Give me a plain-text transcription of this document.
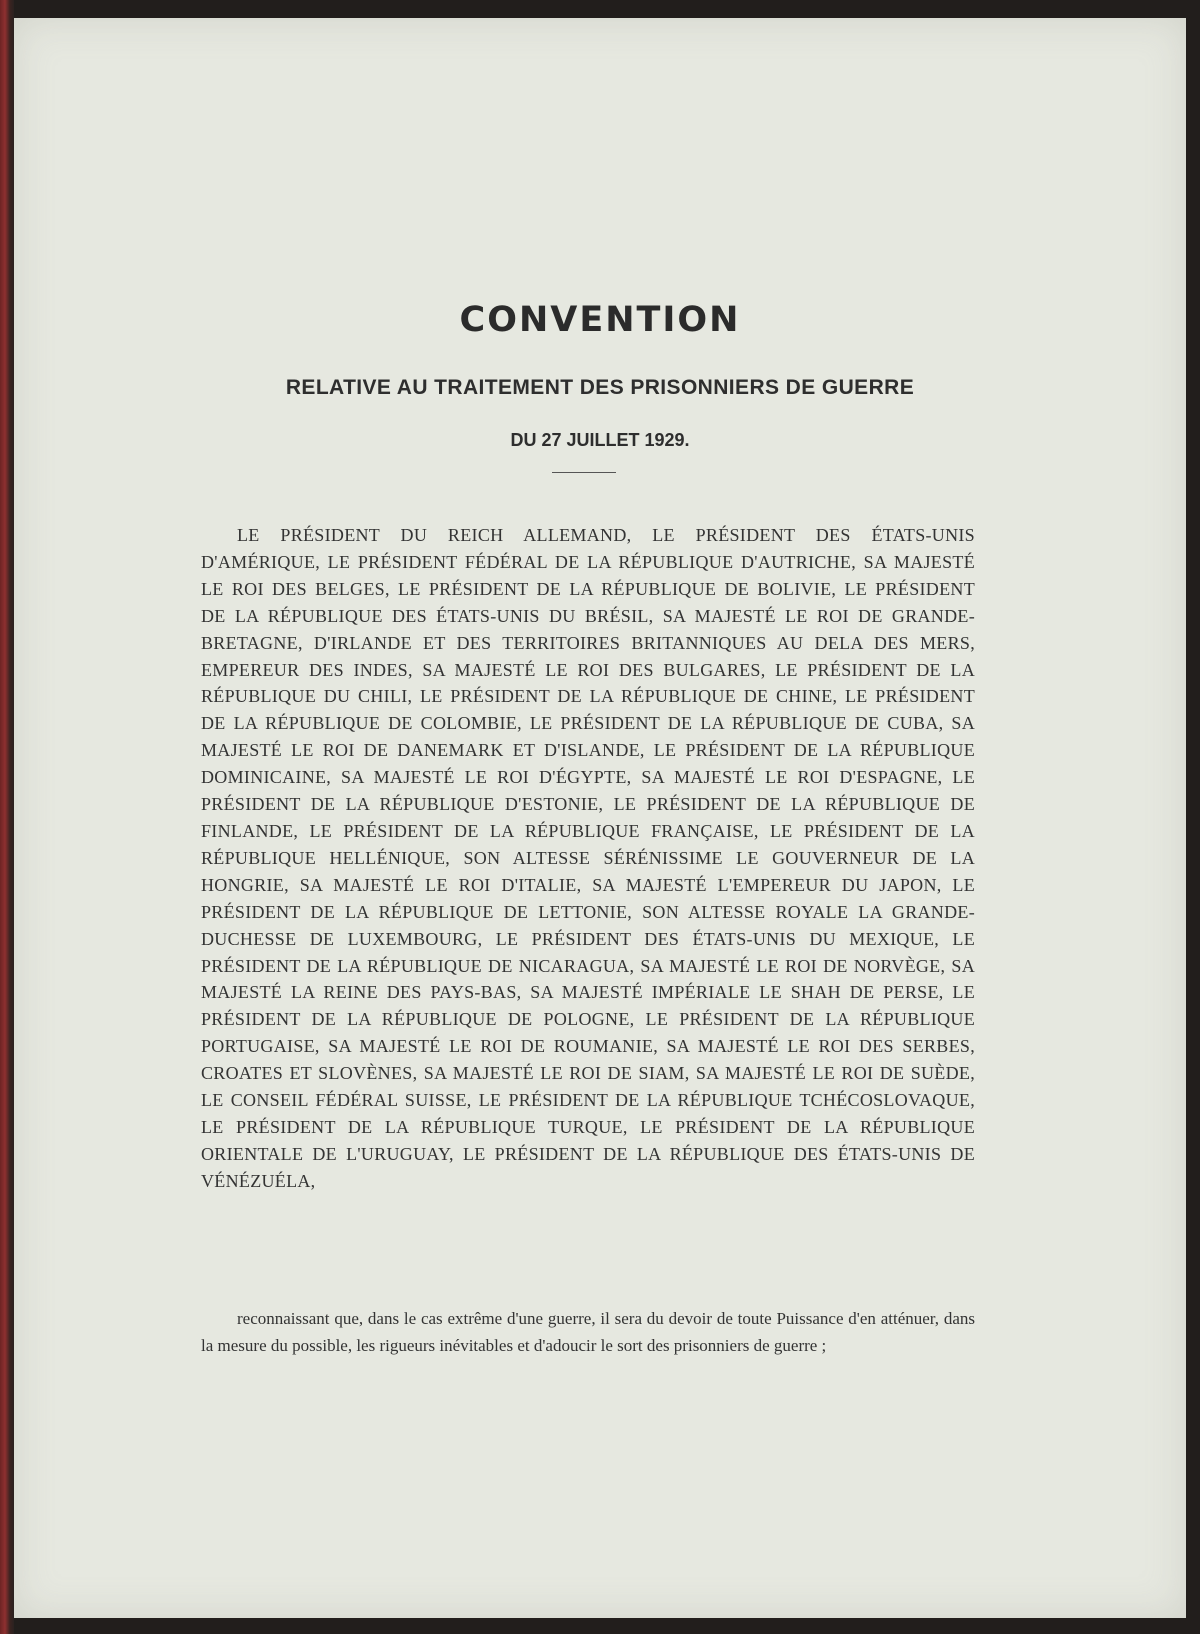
CONVENTION
RELATIVE AU TRAITEMENT DES PRISONNIERS DE GUERRE
DU 27 JUILLET 1929.

LE PRÉSIDENT DU REICH ALLEMAND, LE PRÉSIDENT DES ÉTATS-UNIS D'AMÉRIQUE, LE PRÉSIDENT FÉDÉRAL DE LA RÉPUBLIQUE D'AUTRICHE, SA MAJESTÉ LE ROI DES BELGES, LE PRÉSIDENT DE LA RÉPUBLIQUE DE BOLIVIE, LE PRÉSIDENT DE LA RÉPUBLIQUE DES ÉTATS-UNIS DU BRÉSIL, SA MAJESTÉ LE ROI DE GRANDE-BRETAGNE, D'IRLANDE ET DES TERRITOIRES BRITANNIQUES AU DELA DES MERS, EMPEREUR DES INDES, SA MAJESTÉ LE ROI DES BULGARES, LE PRÉSIDENT DE LA RÉPUBLIQUE DU CHILI, LE PRÉSIDENT DE LA RÉPUBLIQUE DE CHINE, LE PRÉSIDENT DE LA RÉPUBLIQUE DE COLOMBIE, LE PRÉSIDENT DE LA RÉPUBLIQUE DE CUBA, SA MAJESTÉ LE ROI DE DANEMARK ET D'ISLANDE, LE PRÉSIDENT DE LA RÉPUBLIQUE DOMINICAINE, SA MAJESTÉ LE ROI D'ÉGYPTE, SA MAJESTÉ LE ROI D'ESPAGNE, LE PRÉSIDENT DE LA RÉPUBLIQUE D'ESTONIE, LE PRÉSIDENT DE LA RÉPUBLIQUE DE FINLANDE, LE PRÉSIDENT DE LA RÉPUBLIQUE FRANÇAISE, LE PRÉSIDENT DE LA RÉPUBLIQUE HELLÉNIQUE, SON ALTESSE SÉRÉNISSIME LE GOUVERNEUR DE LA HONGRIE, SA MAJESTÉ LE ROI D'ITALIE, SA MAJESTÉ L'EMPEREUR DU JAPON, LE PRÉSIDENT DE LA RÉPUBLIQUE DE LETTONIE, SON ALTESSE ROYALE LA GRANDE-DUCHESSE DE LUXEMBOURG, LE PRÉSIDENT DES ÉTATS-UNIS DU MEXIQUE, LE PRÉSIDENT DE LA RÉPUBLIQUE DE NICARAGUA, SA MAJESTÉ LE ROI DE NORVÈGE, SA MAJESTÉ LA REINE DES PAYS-BAS, SA MAJESTÉ IMPÉRIALE LE SHAH DE PERSE, LE PRÉSIDENT DE LA RÉPUBLIQUE DE POLOGNE, LE PRÉSIDENT DE LA RÉPUBLIQUE PORTUGAISE, SA MAJESTÉ LE ROI DE ROUMANIE, SA MAJESTÉ LE ROI DES SERBES, CROATES ET SLOVÈNES, SA MAJESTÉ LE ROI DE SIAM, SA MAJESTÉ LE ROI DE SUÈDE, LE CONSEIL FÉDÉRAL SUISSE, LE PRÉSIDENT DE LA RÉPUBLIQUE TCHÉCOSLOVAQUE, LE PRÉSIDENT DE LA RÉPUBLIQUE TURQUE, LE PRÉSIDENT DE LA RÉPUBLIQUE ORIENTALE DE L'URUGUAY, LE PRÉSIDENT DE LA RÉPUBLIQUE DES ÉTATS-UNIS DE VÉNÉZUÉLA,

reconnaissant que, dans le cas extrême d'une guerre, il sera du devoir de toute Puissance d'en atténuer, dans la mesure du possible, les rigueurs inévitables et d'adoucir le sort des prisonniers de guerre ;
